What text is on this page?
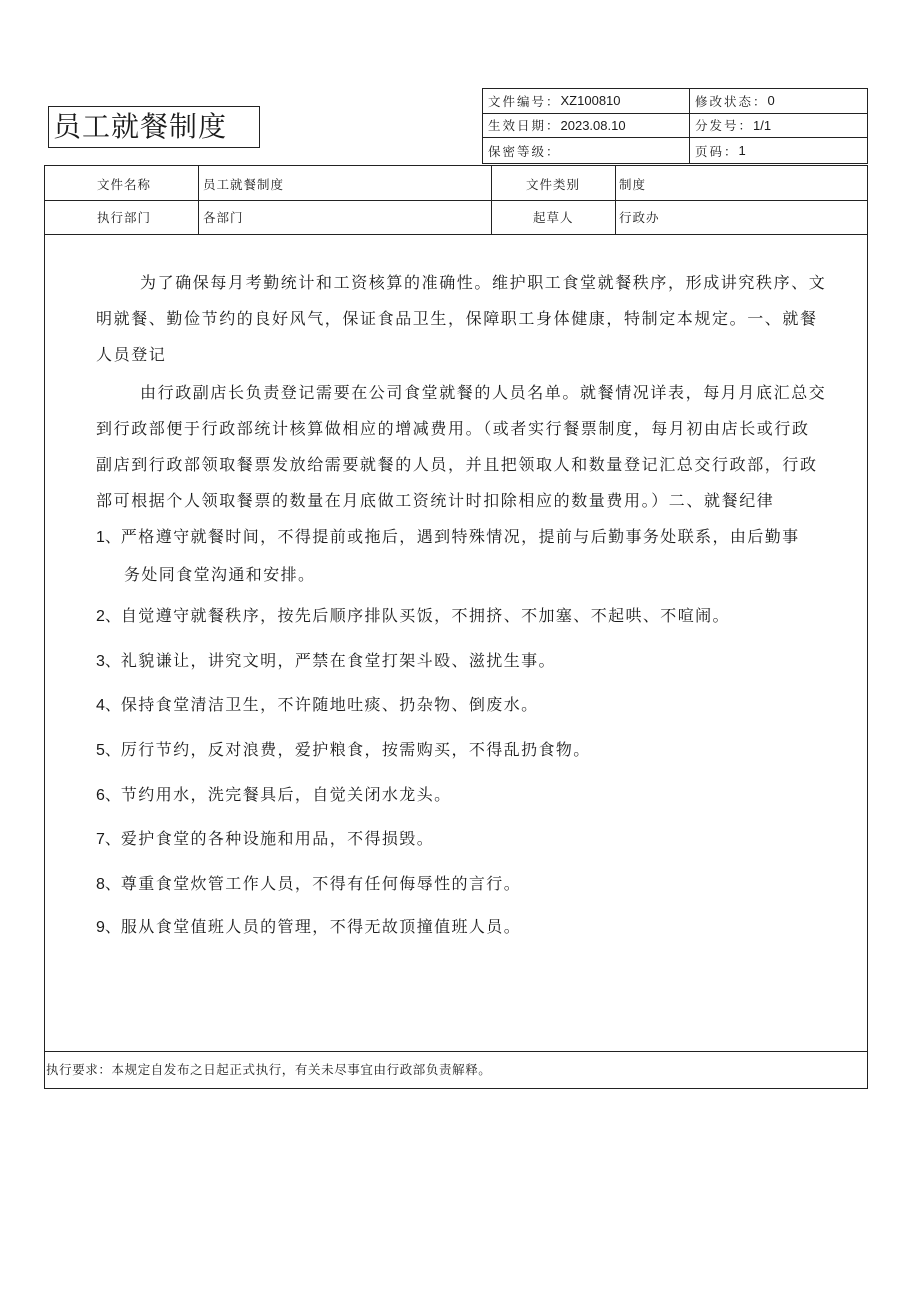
员工就餐制度
文件编号： XZ100810	修改状态： 0
生效日期： 2023.08.10	分发号： 1/1
保密等级：	页码： 1
文件名称	员工就餐制度	文件类别	制度
执行部门	各部门	起草人	行政办
为了确保每月考勤统计和工资核算的准确性。维护职工食堂就餐秩序，形成讲究秩序、文
明就餐、勤俭节约的良好风气，保证食品卫生，保障职工身体健康，特制定本规定。一、就餐
人员登记
由行政副店长负责登记需要在公司食堂就餐的人员名单。就餐情况详表，每月月底汇总交
到行政部便于行政部统计核算做相应的增减费用。（或者实行餐票制度，每月初由店长或行政
副店到行政部领取餐票发放给需要就餐的人员，并且把领取人和数量登记汇总交行政部，行政
部可根据个人领取餐票的数量在月底做工资统计时扣除相应的数量费用。）二、就餐纪律
1、严格遵守就餐时间，不得提前或拖后，遇到特殊情况，提前与后勤事务处联系，由后勤事
务处同食堂沟通和安排。
2、自觉遵守就餐秩序，按先后顺序排队买饭，不拥挤、不加塞、不起哄、不喧闹。
3、礼貌谦让，讲究文明，严禁在食堂打架斗殴、滋扰生事。
4、保持食堂清洁卫生，不许随地吐痰、扔杂物、倒废水。
5、厉行节约，反对浪费，爱护粮食，按需购买，不得乱扔食物。
6、节约用水，洗完餐具后，自觉关闭水龙头。
7、爱护食堂的各种设施和用品，不得损毁。
8、尊重食堂炊管工作人员，不得有任何侮辱性的言行。
9、服从食堂值班人员的管理，不得无故顶撞值班人员。
执行要求：本规定自发布之日起正式执行，有关未尽事宜由行政部负责解释。
